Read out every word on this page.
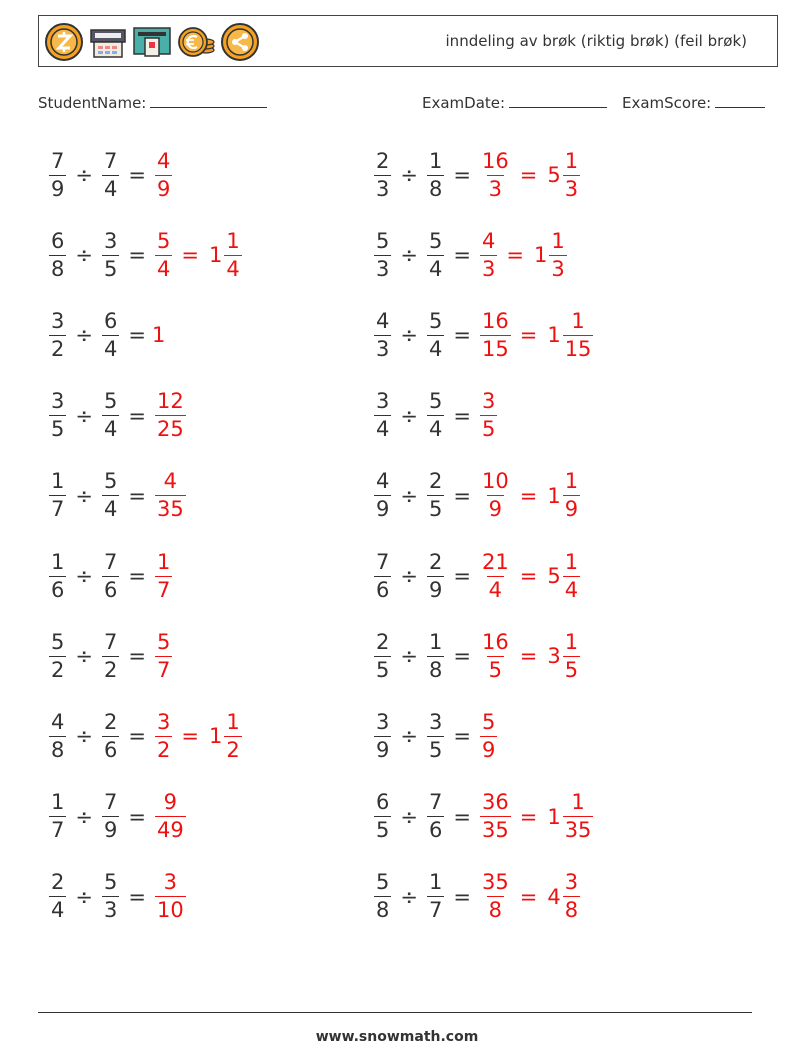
inndeling av brøk (riktig brøk) (feil brøk)
StudentName:	ExamDate:	ExamScore:
$\frac{7}{9} \div \frac{7}{4} = \frac{4}{9}$
$\frac{6}{8} \div \frac{3}{5} = \frac{5}{4} = 1 \frac{1}{4}$
$\frac{3}{2} \div \frac{6}{4} = 1$
$\frac{3}{5} \div \frac{5}{4} = \frac{12}{25}$
$\frac{1}{7} \div \frac{5}{4} = \frac{4}{35}$
$\frac{1}{6} \div \frac{7}{6} = \frac{1}{7}$
$\frac{5}{2} \div \frac{7}{2} = \frac{5}{7}$
$\frac{4}{8} \div \frac{2}{6} = \frac{3}{2} = 1 \frac{1}{2}$
$\frac{1}{7} \div \frac{7}{9} = \frac{9}{49}$
$\frac{2}{4} \div \frac{5}{3} = \frac{3}{10}$
$\frac{2}{3} \div \frac{1}{8} = \frac{16}{3} = 5 \frac{1}{3}$
$\frac{5}{3} \div \frac{5}{4} = \frac{4}{3} = 1 \frac{1}{3}$
$\frac{4}{3} \div \frac{5}{4} = \frac{16}{15} = 1 \frac{1}{15}$
$\frac{3}{4} \div \frac{5}{4} = \frac{3}{5}$
$\frac{4}{9} \div \frac{2}{5} = \frac{10}{9} = 1 \frac{1}{9}$
$\frac{7}{6} \div \frac{2}{9} = \frac{21}{4} = 5 \frac{1}{4}$
$\frac{2}{5} \div \frac{1}{8} = \frac{16}{5} = 3 \frac{1}{5}$
$\frac{3}{9} \div \frac{3}{5} = \frac{5}{9}$
$\frac{6}{5} \div \frac{7}{6} = \frac{36}{35} = 1 \frac{1}{35}$
$\frac{5}{8} \div \frac{1}{7} = \frac{35}{8} = 4 \frac{3}{8}$
www.snowmath.com
